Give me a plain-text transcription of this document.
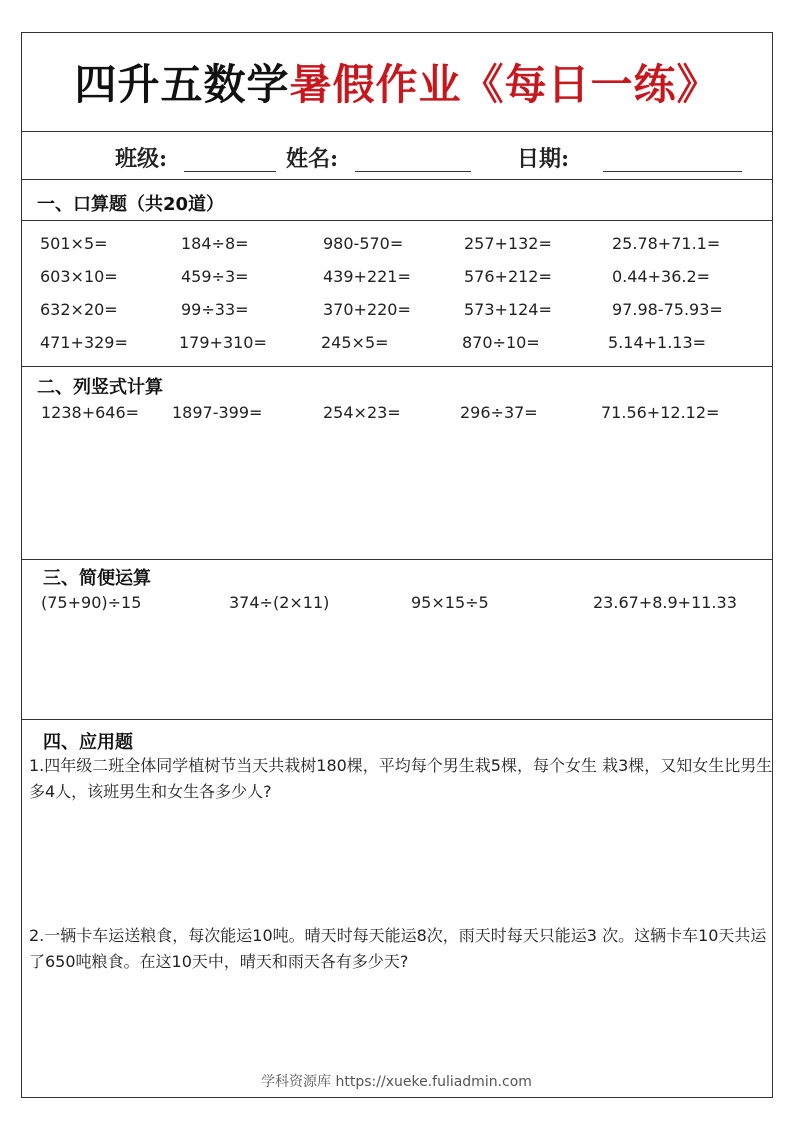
四升五数学暑假作业《每日一练》
班级:	姓名:	日期:
一、口算题（共20道）
501×5=	184÷8=	980-570=	257+132=	25.78+71.1=
603×10=	459÷3=	439+221=	576+212=	0.44+36.2=
632×20=	99÷33=	370+220=	573+124=	97.98-75.93=
471+329=	179+310=	245×5=	870÷10=	5.14+1.13=
二、列竖式计算
1238+646= 1897-399=	254×23=	296÷37=	71.56+12.12=
三、简便运算
(75+90)÷15	374÷(2×11)	95×15÷5	23.67+8.9+11.33
四、应用题
1.四年级二班全体同学植树节当天共栽树180棵，平均每个男生栽5棵，每个女生 栽3棵，又知女生比男生多4人，该班男生和女生各多少人?
2.一辆卡车运送粮食，每次能运10吨。晴天时每天能运8次，雨天时每天只能运3 次。这辆卡车10天共运了650吨粮食。在这10天中，晴天和雨天各有多少天?
学科资源库 https://xueke.fuliadmin.com
